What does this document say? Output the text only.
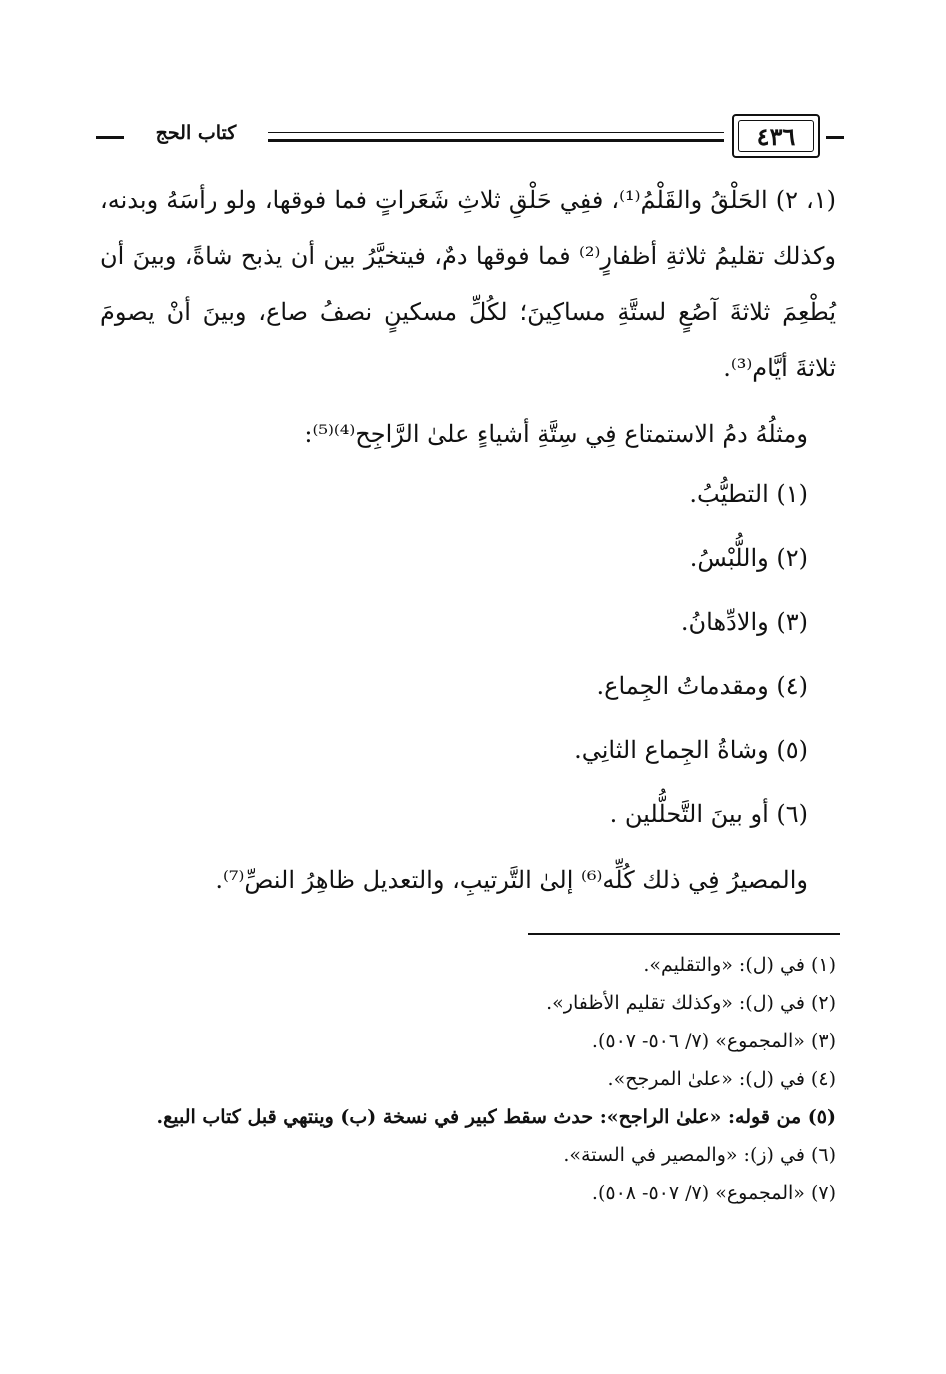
كتاب الحج	٤٣٦

(١، ٢) الحَلْقُ والقَلْمُ⁽¹⁾، ففِي حَلْقِ ثلاثِ شَعَراتٍ فما فوقها، ولو رأسَهُ وبدنه، وكذلك تقليمُ ثلاثةِ أظفارٍ⁽²⁾ فما فوقها دمٌ، فيتخيَّرُ بين أن يذبح شاةً، وبينَ أن يُطْعِمَ ثلاثةَ آصُعٍ لستَّةِ مساكِينَ؛ لكُلِّ مسكينٍ نصفُ صاع، وبينَ أنْ يصومَ ثلاثةَ أيَّام⁽³⁾.

ومثلُهُ دمُ الاستمتاع فِي سِتَّةِ أشياءٍ علىٰ الرَّاجِح⁽⁴⁾⁽⁵⁾:

(١) التطيُّبُ.

(٢) واللُّبْسُ.

(٣) والادِّهانُ.

(٤) ومقدماتُ الجِماع.

(٥) وشاةُ الجِماع الثانِي.

(٦) أو بينَ التَّحلُّلين .

والمصيرُ فِي ذلك كُلِّه⁽⁶⁾ إلىٰ التَّرتيبِ، والتعديل ظاهِرُ النصِّ⁽⁷⁾.

(١) في (ل): «والتقليم».

(٢) في (ل): «وكذلك تقليم الأظفار».

(٣) «المجموع» (٧/ ٥٠٦- ٥٠٧).

(٤) في (ل): «علىٰ المرجح».

(٥) من قوله: «علىٰ الراجح»: حدث سقط كبير في نسخة (ب) وينتهي قبل كتاب البيع.

(٦) في (ز): «والمصير في الستة».

(٧) «المجموع» (٧/ ٥٠٧- ٥٠٨).
